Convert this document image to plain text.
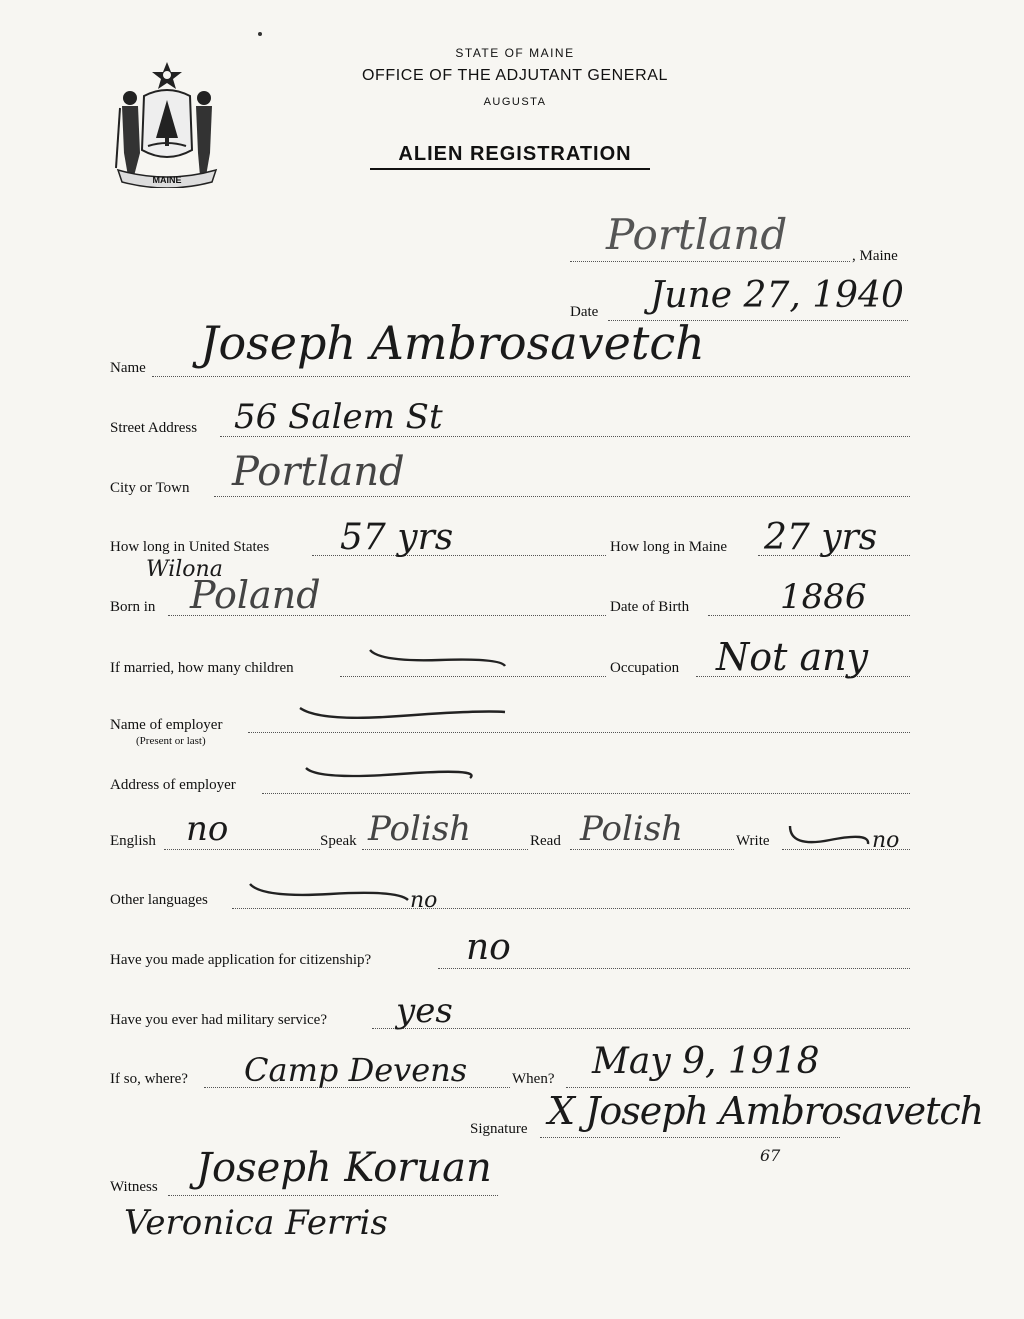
MAINE
STATE OF MAINE
OFFICE OF THE ADJUTANT GENERAL
AUGUSTA
ALIEN REGISTRATION
Portland	, Maine
Date June 27, 1940
Name Joseph Ambrosavetch
Street Address 56 Salem St
City or Town Portland
How long in United States 57 yrs	How long in Maine 27 yrs
Wilona
Born in Poland	Date of Birth	1886
If married, how many children	Occupation Not any
Name of employer
(Present or last)
Address of employer
English no	Speak Polish	Read Polish	Write	no
Other languages	no
Have you made application for citizenship?	no
Have you ever had military service? yes
If so, where? Camp Devens	When? May 9, 1918
Signature X Joseph Ambrosavetch
67
Witness Joseph Koruan
Veronica Ferris
